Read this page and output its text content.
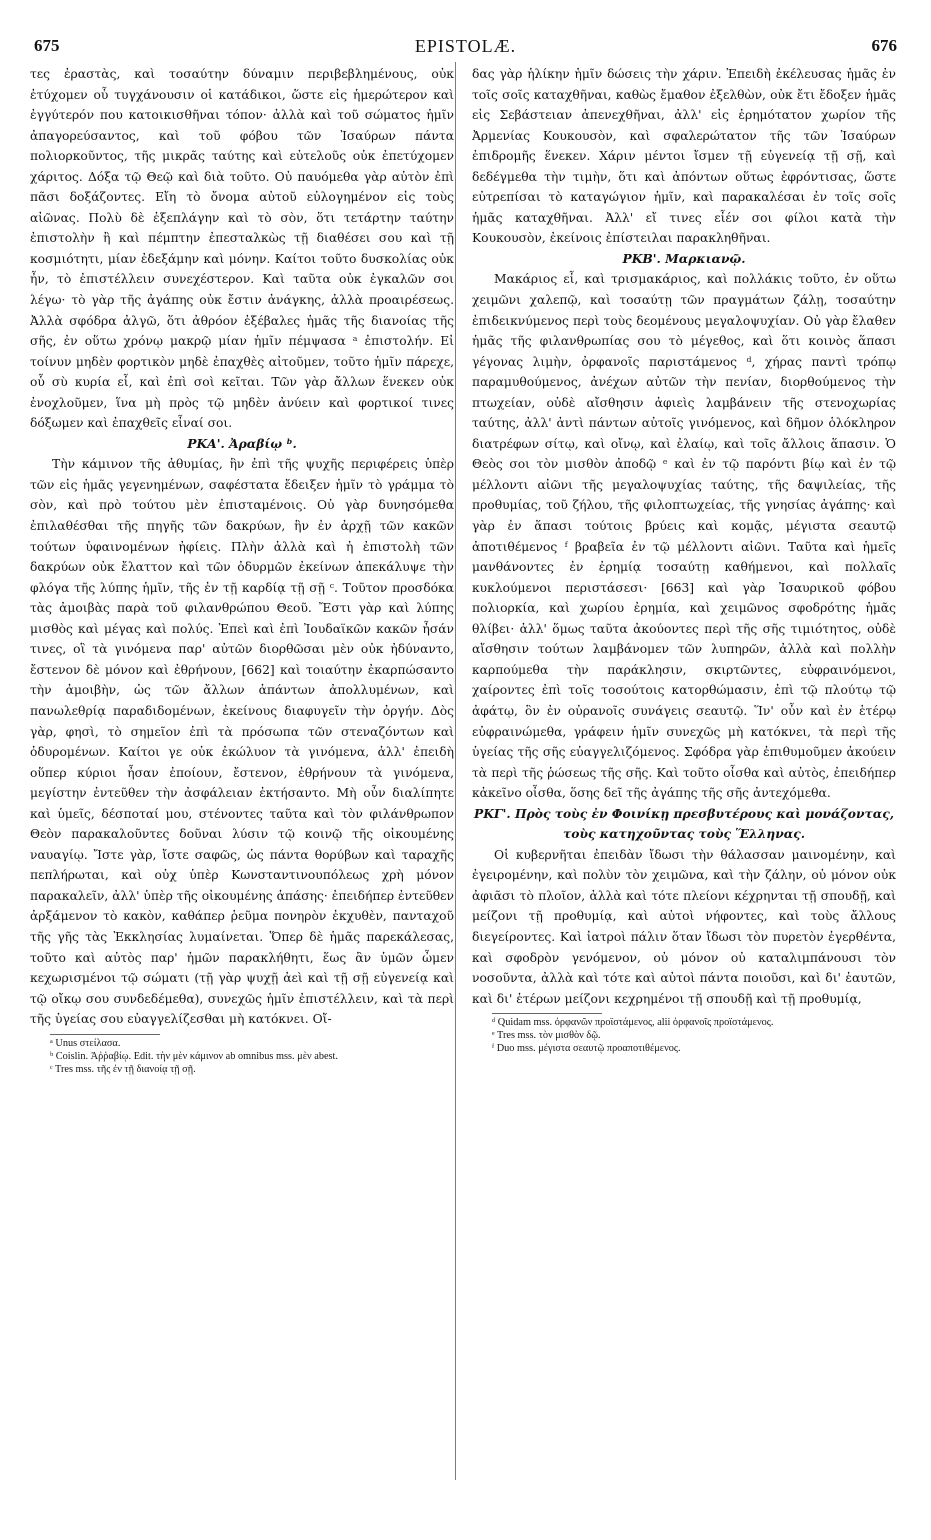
675	EPISTOLÆ.	676

τες ἐραστὰς, καὶ τοσαύτην δύναμιν περιβεβλημένους, οὐκ ἐτύχομεν οὗ τυγχάνουσιν οἱ κατάδικοι, ὥστε εἰς ἡμερώτερον καὶ ἐγγύτερόν που κατοικισθῆναι τόπον· ἀλλὰ καὶ τοῦ σώματος ἡμῖν ἀπαγορεύσαντος, καὶ τοῦ φόβου τῶν Ἰσαύρων πάντα πολιορκοῦντος, τῆς μικρᾶς ταύτης καὶ εὐτελοῦς οὐκ ἐπετύχομεν χάριτος. Δόξα τῷ Θεῷ καὶ διὰ τοῦτο. Οὐ παυόμεθα γὰρ αὐτὸν ἐπὶ πᾶσι δοξάζοντες. Εἴη τὸ ὄνομα αὐτοῦ εὐλογημένον εἰς τοὺς αἰῶνας. Πολὺ δὲ ἐξεπλάγην καὶ τὸ σὸν, ὅτι τετάρτην ταύτην ἐπιστολὴν ἢ καὶ πέμπτην ἐπεσταλκὼς τῇ διαθέσει σου καὶ τῇ κοσμιότητι, μίαν ἐδεξάμην καὶ μόνην. Καίτοι τοῦτο δυσκολίας οὐκ ἦν, τὸ ἐπιστέλλειν συνεχέστερον. Καὶ ταῦτα οὐκ ἐγκαλῶν σοι λέγω· τὸ γὰρ τῆς ἀγάπης οὐκ ἔστιν ἀνάγκης, ἀλλὰ προαιρέσεως. Ἀλλὰ σφόδρα ἀλγῶ, ὅτι ἀθρόον ἐξέβαλες ἡμᾶς τῆς διανοίας τῆς σῆς, ἐν οὕτω χρόνῳ μακρῷ μίαν ἡμῖν πέμψασα ᵃ ἐπιστολήν. Εἰ τοίνυν μηδὲν φορτικὸν μηδὲ ἐπαχθὲς αἰτοῦμεν, τοῦτο ἡμῖν πάρεχε, οὗ σὺ κυρία εἶ, καὶ ἐπὶ σοὶ κεῖται. Τῶν γὰρ ἄλλων ἕνεκεν οὐκ ἐνοχλοῦμεν, ἵνα μὴ πρὸς τῷ μηδὲν ἀνύειν καὶ φορτικοί τινες δόξωμεν καὶ ἐπαχθεῖς εἶναί σοι.

ΡΚΑ'. Ἀραβίῳ ᵇ.

Τὴν κάμινον τῆς ἀθυμίας, ἣν ἐπὶ τῆς ψυχῆς περιφέρεις ὑπὲρ τῶν εἰς ἡμᾶς γεγενημένων, σαφέστατα ἔδειξεν ἡμῖν τὸ γράμμα τὸ σὸν, καὶ πρὸ τούτου μὲν ἐπισταμένοις. Οὐ γὰρ δυνησόμεθα ἐπιλαθέσθαι τῆς πηγῆς τῶν δακρύων, ἣν ἐν ἀρχῇ τῶν κακῶν τούτων ὑφαινομένων ἠφίεις. Πλὴν ἀλλὰ καὶ ἡ ἐπιστολὴ τῶν δακρύων οὐκ ἔλαττον καὶ τῶν ὀδυρμῶν ἐκείνων ἀπεκάλυψε τὴν φλόγα τῆς λύπης ἡμῖν, τῆς ἐν τῇ καρδίᾳ τῇ σῇ ᶜ. Τοῦτον προσδόκα τὰς ἀμοιβὰς παρὰ τοῦ φιλανθρώπου Θεοῦ. Ἔστι γὰρ καὶ λύπης μισθὸς καὶ μέγας καὶ πολύς. Ἐπεὶ καὶ ἐπὶ Ἰουδαϊκῶν κακῶν ἦσάν τινες, οἳ τὰ γινόμενα παρ' αὐτῶν διορθῶσαι μὲν οὐκ ἠδύναντο, ἔστενον δὲ μόνον καὶ ἐθρήνουν, [662] καὶ τοιαύτην ἐκαρπώσαντο τὴν ἀμοιβὴν, ὡς τῶν ἄλλων ἁπάντων ἀπολλυμένων, καὶ πανωλεθρίᾳ παραδιδομένων, ἐκείνους διαφυγεῖν τὴν ὀργήν. Δὸς γὰρ, φησὶ, τὸ σημεῖον ἐπὶ τὰ πρόσωπα τῶν στεναζόντων καὶ ὀδυρομένων. Καίτοι γε οὐκ ἐκώλυον τὰ γινόμενα, ἀλλ' ἐπειδὴ οὕπερ κύριοι ἦσαν ἐποίουν, ἔστενον, ἐθρήνουν τὰ γινόμενα, μεγίστην ἐντεῦθεν τὴν ἀσφάλειαν ἐκτήσαντο. Μὴ οὖν διαλίπητε καὶ ὑμεῖς, δέσποταί μου, στένοντες ταῦτα καὶ τὸν φιλάνθρωπον Θεὸν παρακαλοῦντες δοῦναι λύσιν τῷ κοινῷ τῆς οἰκουμένης ναυαγίῳ. Ἴστε γὰρ, ἴστε σαφῶς, ὡς πάντα θορύβων καὶ ταραχῆς πεπλήρωται, καὶ οὐχ ὑπὲρ Κωνσταντινουπόλεως χρὴ μόνον παρακαλεῖν, ἀλλ' ὑπὲρ τῆς οἰκουμένης ἁπάσης· ἐπειδήπερ ἐντεῦθεν ἀρξάμενον τὸ κακὸν, καθάπερ ῥεῦμα πονηρὸν ἐκχυθὲν, πανταχοῦ τῆς γῆς τὰς Ἐκκλησίας λυμαίνεται. Ὅπερ δὲ ἡμᾶς παρεκάλεσας, τοῦτο καὶ αὐτὸς παρ' ἡμῶν παρακλήθητι, ἕως ἂν ὑμῶν ὦμεν κεχωρισμένοι τῷ σώματι (τῇ γὰρ ψυχῇ ἀεὶ καὶ τῇ σῇ εὐγενείᾳ καὶ τῷ οἴκῳ σου συνδεδέμεθα), συνεχῶς ἡμῖν ἐπιστέλλειν, καὶ τὰ περὶ τῆς ὑγείας σου εὐαγγελίζεσθαι μὴ κατόκνει. Οἴ-

ᵃ Unus στείλασα.

ᵇ Coislin. Ἀῤῥαβίῳ. Edit. τὴν μὲν κάμινον ab omnibus mss. μὲν abest.

ᶜ Tres mss. τῆς ἐν τῇ διανοίᾳ τῇ σῇ.

δας γὰρ ἡλίκην ἡμῖν δώσεις τὴν χάριν. Ἐπειδὴ ἐκέλευσας ἡμᾶς ἐν τοῖς σοῖς καταχθῆναι, καθὼς ἔμαθον ἐξελθὼν, οὐκ ἔτι ἔδοξεν ἡμᾶς εἰς Σεβάστειαν ἀπενεχθῆναι, ἀλλ' εἰς ἐρημότατον χωρίον τῆς Ἀρμενίας Κουκουσὸν, καὶ σφαλερώτατον τῆς τῶν Ἰσαύρων ἐπιδρομῆς ἕνεκεν. Χάριν μέντοι ἴσμεν τῇ εὐγενείᾳ τῇ σῇ, καὶ δεδέγμεθα τὴν τιμὴν, ὅτι καὶ ἀπόντων οὕτως ἐφρόντισας, ὥστε εὐτρεπίσαι τὸ καταγώγιον ἡμῖν, καὶ παρακαλέσαι ἐν τοῖς σοῖς ἡμᾶς καταχθῆναι. Ἀλλ' εἴ τινες εἶέν σοι φίλοι κατὰ τὴν Κουκουσὸν, ἐκείνοις ἐπίστειλαι παρακληθῆναι.

ΡΚΒ'. Μαρκιανῷ.

Μακάριος εἶ, καὶ τρισμακάριος, καὶ πολλάκις τοῦτο, ἐν οὕτω χειμῶνι χαλεπῷ, καὶ τοσαύτῃ τῶν πραγμάτων ζάλῃ, τοσαύτην ἐπιδεικνύμενος περὶ τοὺς δεομένους μεγαλοψυχίαν. Οὐ γὰρ ἔλαθεν ἡμᾶς τῆς φιλανθρωπίας σου τὸ μέγεθος, καὶ ὅτι κοινὸς ἅπασι γέγονας λιμὴν, ὀρφανοῖς παριστάμενος ᵈ, χήρας παντὶ τρόπῳ παραμυθούμενος, ἀνέχων αὐτῶν τὴν πενίαν, διορθούμενος τὴν πτωχείαν, οὐδὲ αἴσθησιν ἀφιεὶς λαμβάνειν τῆς στενοχωρίας ταύτης, ἀλλ' ἀντὶ πάντων αὐτοῖς γινόμενος, καὶ δῆμον ὁλόκληρον διατρέφων σίτῳ, καὶ οἴνῳ, καὶ ἐλαίῳ, καὶ τοῖς ἄλλοις ἅπασιν. Ὁ Θεὸς σοι τὸν μισθὸν ἀποδῷ ᵉ καὶ ἐν τῷ παρόντι βίῳ καὶ ἐν τῷ μέλλοντι αἰῶνι τῆς μεγαλοψυχίας ταύτης, τῆς δαψιλείας, τῆς προθυμίας, τοῦ ζήλου, τῆς φιλοπτωχείας, τῆς γνησίας ἀγάπης· καὶ γὰρ ἐν ἅπασι τούτοις βρύεις καὶ κομᾷς, μέγιστα σεαυτῷ ἀποτιθέμενος ᶠ βραβεῖα ἐν τῷ μέλλοντι αἰῶνι. Ταῦτα καὶ ἡμεῖς μανθάνοντες ἐν ἐρημίᾳ τοσαύτῃ καθήμενοι, καὶ πολλαῖς κυκλούμενοι περιστάσεσι· [663] καὶ γὰρ Ἰσαυρικοῦ φόβου πολιορκία, καὶ χωρίου ἐρημία, καὶ χειμῶνος σφοδρότης ἡμᾶς θλίβει· ἀλλ' ὅμως ταῦτα ἀκούοντες περὶ τῆς σῆς τιμιότητος, οὐδὲ αἴσθησιν τούτων λαμβάνομεν τῶν λυπηρῶν, ἀλλὰ καὶ πολλὴν καρπούμεθα τὴν παράκλησιν, σκιρτῶντες, εὐφραινόμενοι, χαίροντες ἐπὶ τοῖς τοσούτοις κατορθώμασιν, ἐπὶ τῷ πλούτῳ τῷ ἀφάτῳ, ὃν ἐν οὐρανοῖς συνάγεις σεαυτῷ. Ἵν' οὖν καὶ ἐν ἑτέρῳ εὐφραινώμεθα, γράφειν ἡμῖν συνεχῶς μὴ κατόκνει, τὰ περὶ τῆς ὑγείας τῆς σῆς εὐαγγελιζόμενος. Σφόδρα γὰρ ἐπιθυμοῦμεν ἀκούειν τὰ περὶ τῆς ῥώσεως τῆς σῆς. Καὶ τοῦτο οἶσθα καὶ αὐτὸς, ἐπειδήπερ κἀκεῖνο οἶσθα, ὅσης δεῖ τῆς ἀγάπης τῆς σῆς ἀντεχόμεθα.

ΡΚΓ'. Πρὸς τοὺς ἐν Φοινίκῃ πρεσβυτέρους καὶ μονάζοντας, τοὺς κατηχοῦντας τοὺς Ἕλληνας.

Οἱ κυβερνῆται ἐπειδὰν ἴδωσι τὴν θάλασσαν μαινομένην, καὶ ἐγειρομένην, καὶ πολὺν τὸν χειμῶνα, καὶ τὴν ζάλην, οὐ μόνον οὐκ ἀφιᾶσι τὸ πλοῖον, ἀλλὰ καὶ τότε πλείονι κέχρηνται τῇ σπουδῇ, καὶ μείζονι τῇ προθυμίᾳ, καὶ αὐτοὶ νήφοντες, καὶ τοὺς ἄλλους διεγείροντες. Καὶ ἰατροὶ πάλιν ὅταν ἴδωσι τὸν πυρετὸν ἐγερθέντα, καὶ σφοδρὸν γενόμενον, οὐ μόνον οὐ καταλιμπάνουσι τὸν νοσοῦντα, ἀλλὰ καὶ τότε καὶ αὐτοὶ πάντα ποιοῦσι, καὶ δι' ἑαυτῶν, καὶ δι' ἑτέρων μείζονι κεχρημένοι τῇ σπουδῇ καὶ τῇ προθυμίᾳ,

ᵈ Quidam mss. ὀρφανῶν προϊστάμενος, alii ὀρφανοῖς προϊστάμενος.

ᵉ Tres mss. τὸν μισθὸν δῷ.

ᶠ Duo mss. μέγιστα σεαυτῷ προαποτιθέμενος.
